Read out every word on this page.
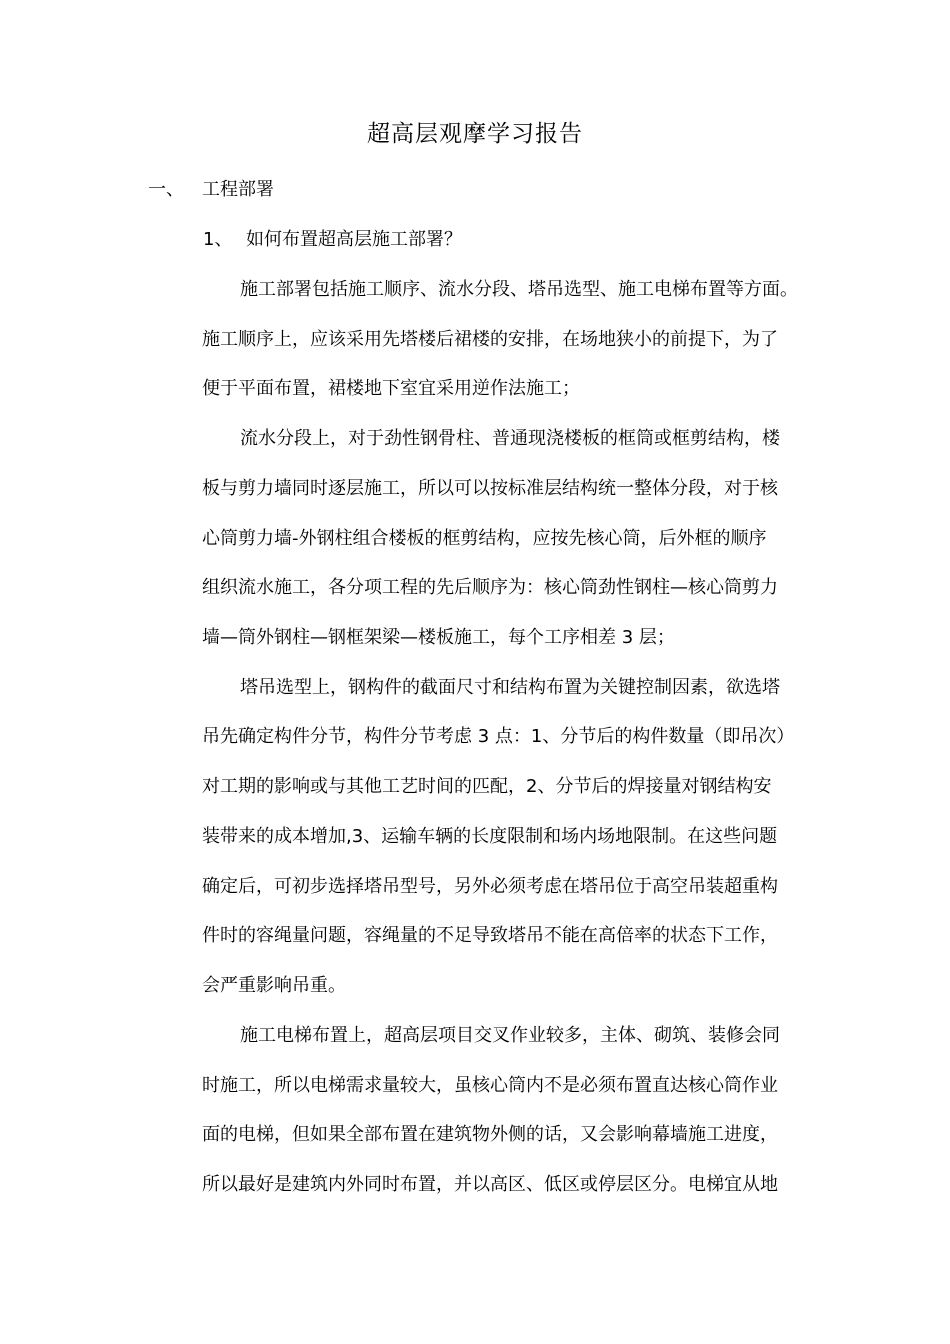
超高层观摩学习报告
一、 工程部署
1、 如何布置超高层施工部署？
施工部署包括施工顺序、流水分段、塔吊选型、施工电梯布置等方面。
施工顺序上，应该采用先塔楼后裙楼的安排，在场地狭小的前提下，为了
便于平面布置，裙楼地下室宜采用逆作法施工；
流水分段上，对于劲性钢骨柱、普通现浇楼板的框筒或框剪结构，楼
板与剪力墙同时逐层施工，所以可以按标准层结构统一整体分段，对于核
心筒剪力墙-外钢柱组合楼板的框剪结构，应按先核心筒，后外框的顺序
组织流水施工，各分项工程的先后顺序为：核心筒劲性钢柱—核心筒剪力
墙—筒外钢柱—钢框架梁—楼板施工，每个工序相差 3 层；
塔吊选型上，钢构件的截面尺寸和结构布置为关键控制因素，欲选塔
吊先确定构件分节，构件分节考虑 3 点：1、分节后的构件数量（即吊次）
对工期的影响或与其他工艺时间的匹配，2、分节后的焊接量对钢结构安
装带来的成本增加,3、运输车辆的长度限制和场内场地限制。在这些问题
确定后，可初步选择塔吊型号，另外必须考虑在塔吊位于高空吊装超重构
件时的容绳量问题，容绳量的不足导致塔吊不能在高倍率的状态下工作，
会严重影响吊重。
施工电梯布置上，超高层项目交叉作业较多，主体、砌筑、装修会同
时施工，所以电梯需求量较大，虽核心筒内不是必须布置直达核心筒作业
面的电梯，但如果全部布置在建筑物外侧的话，又会影响幕墙施工进度，
所以最好是建筑内外同时布置，并以高区、低区或停层区分。电梯宜从地
